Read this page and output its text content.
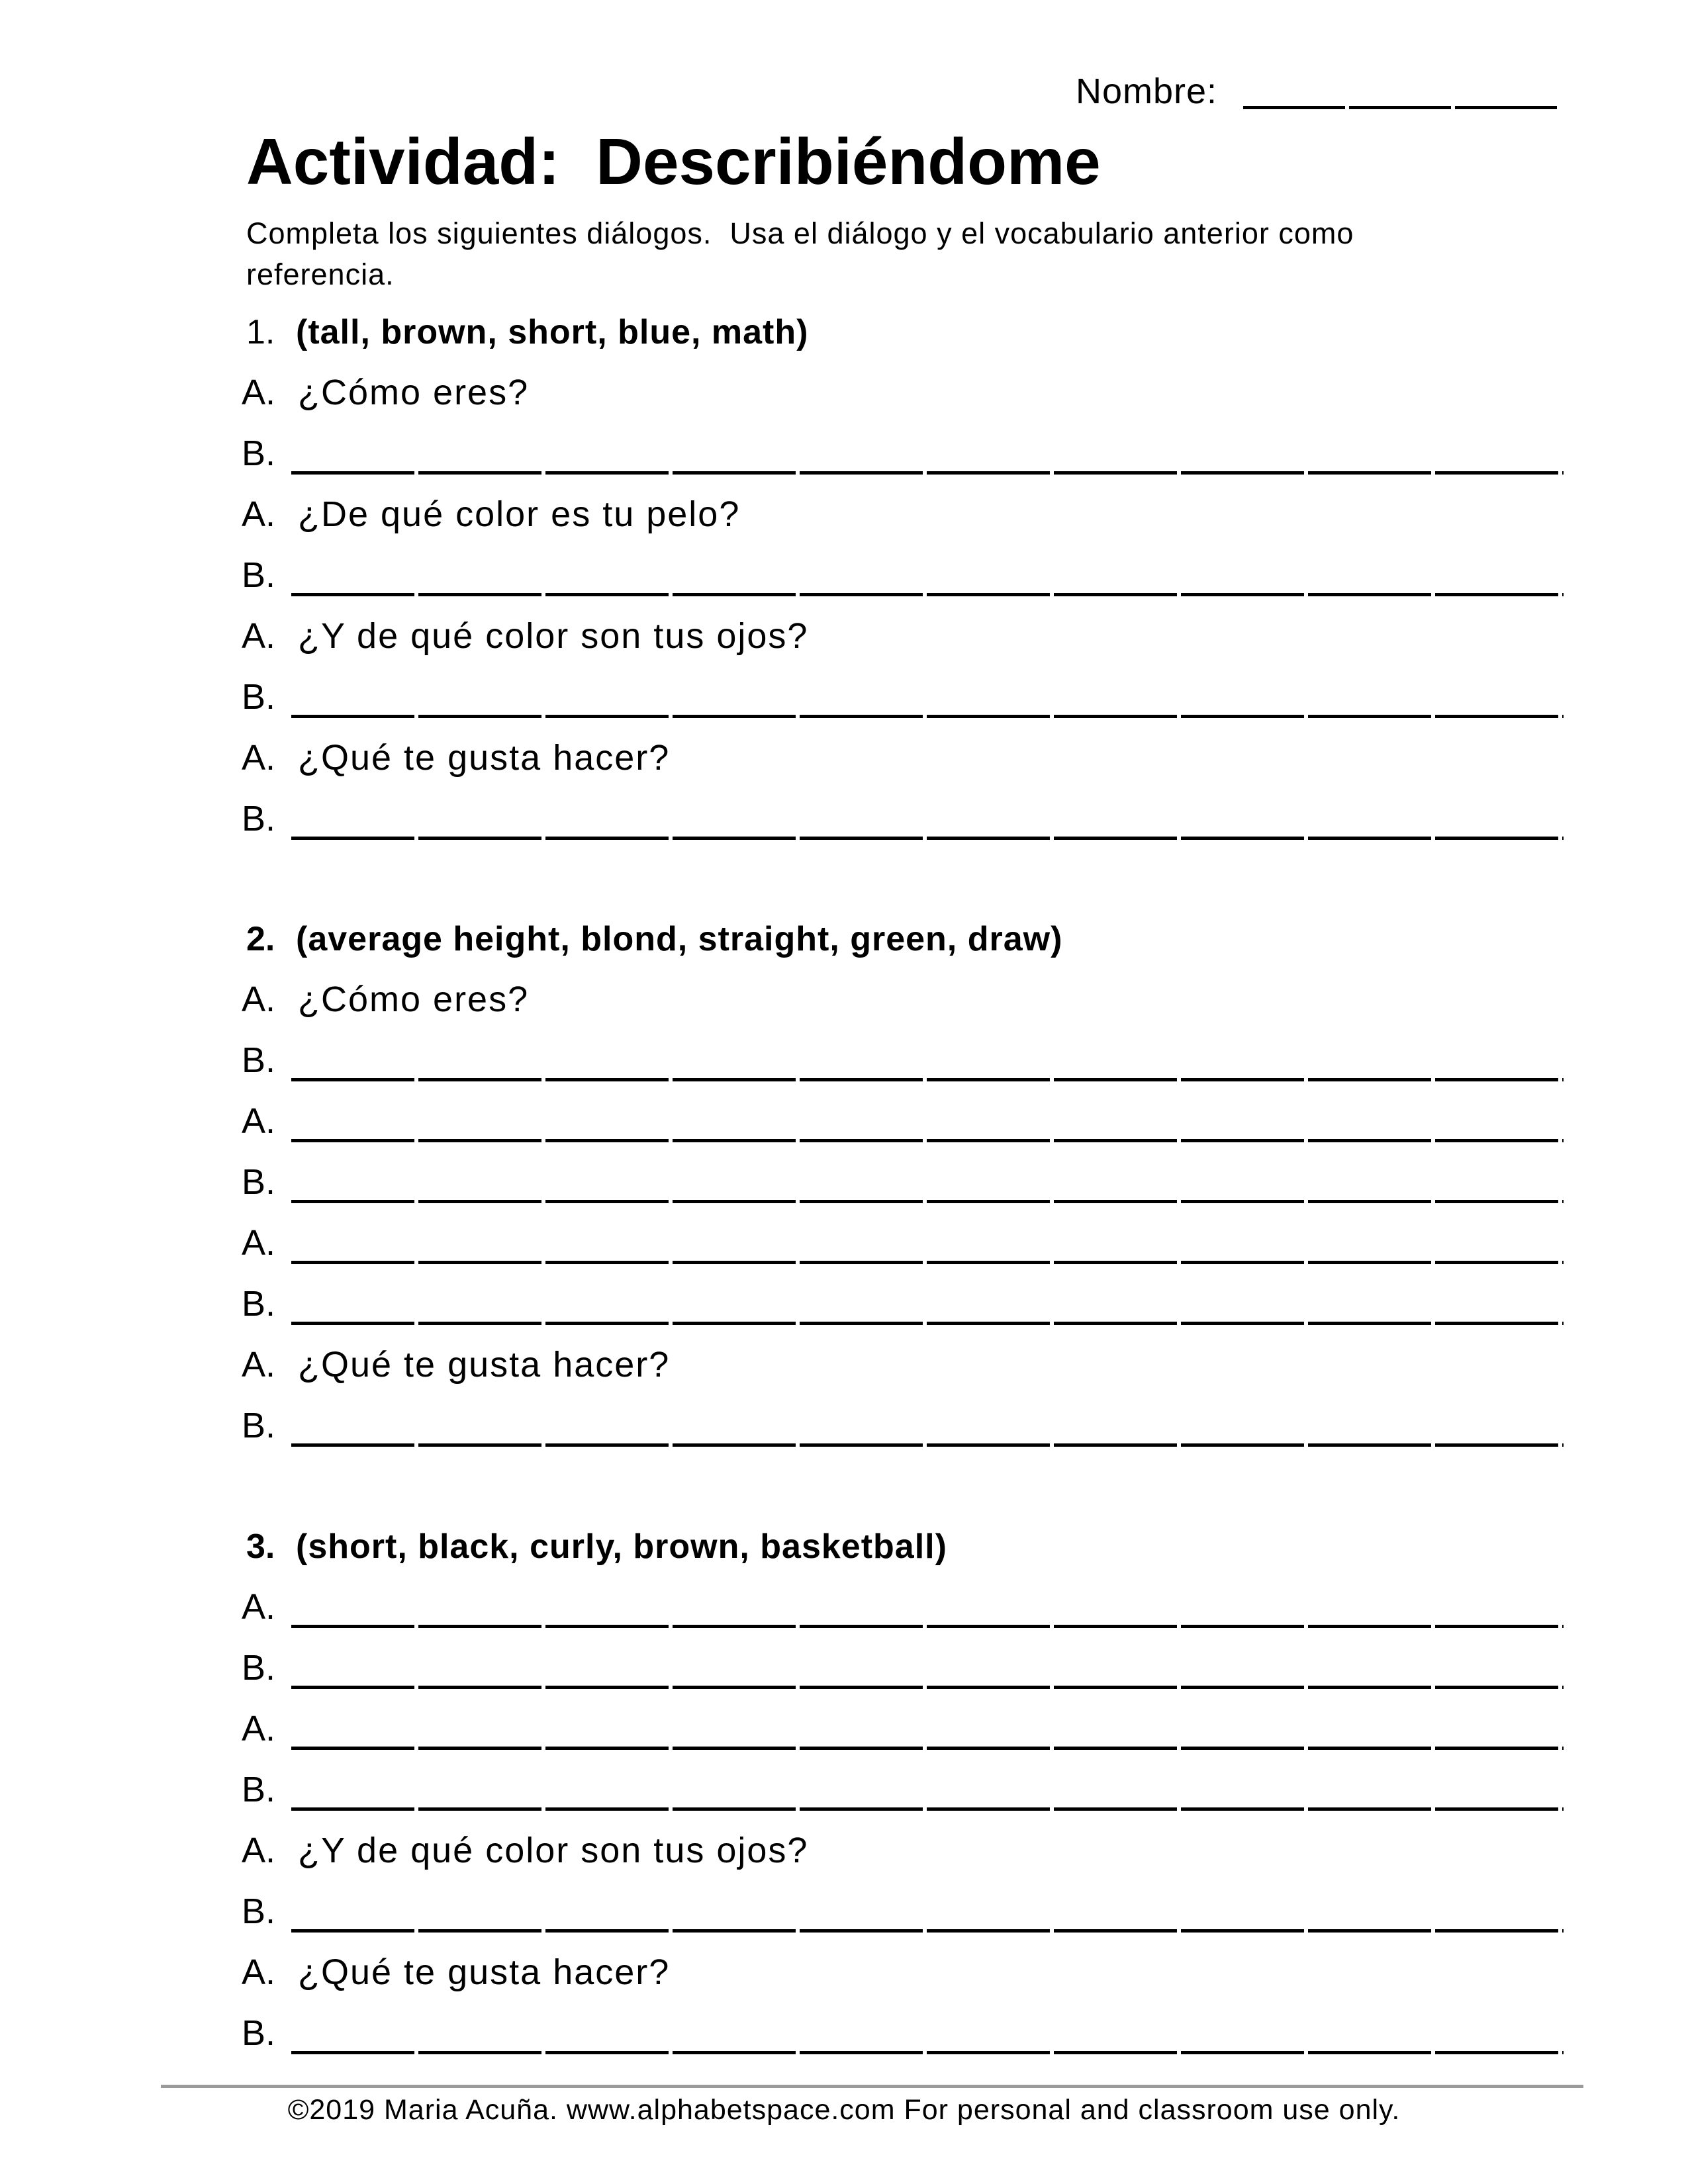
Nombre:
Actividad:  Describiéndome
Completa los siguientes diálogos.  Usa el diálogo y el vocabulario anterior como
referencia.
1. (tall, brown, short, blue, math)
A. ¿Cómo eres?
B.
A. ¿De qué color es tu pelo?
B.
A. ¿Y de qué color son tus ojos?
B.
A. ¿Qué te gusta hacer?
B.
2. (average height, blond, straight, green, draw)
A. ¿Cómo eres?
B.
A.
B.
A.
B.
A. ¿Qué te gusta hacer?
B.
3. (short, black, curly, brown, basketball)
A.
B.
A.
B.
A. ¿Y de qué color son tus ojos?
B.
A. ¿Qué te gusta hacer?
B.
©2019 Maria Acuña. www.alphabetspace.com For personal and classroom use only.
